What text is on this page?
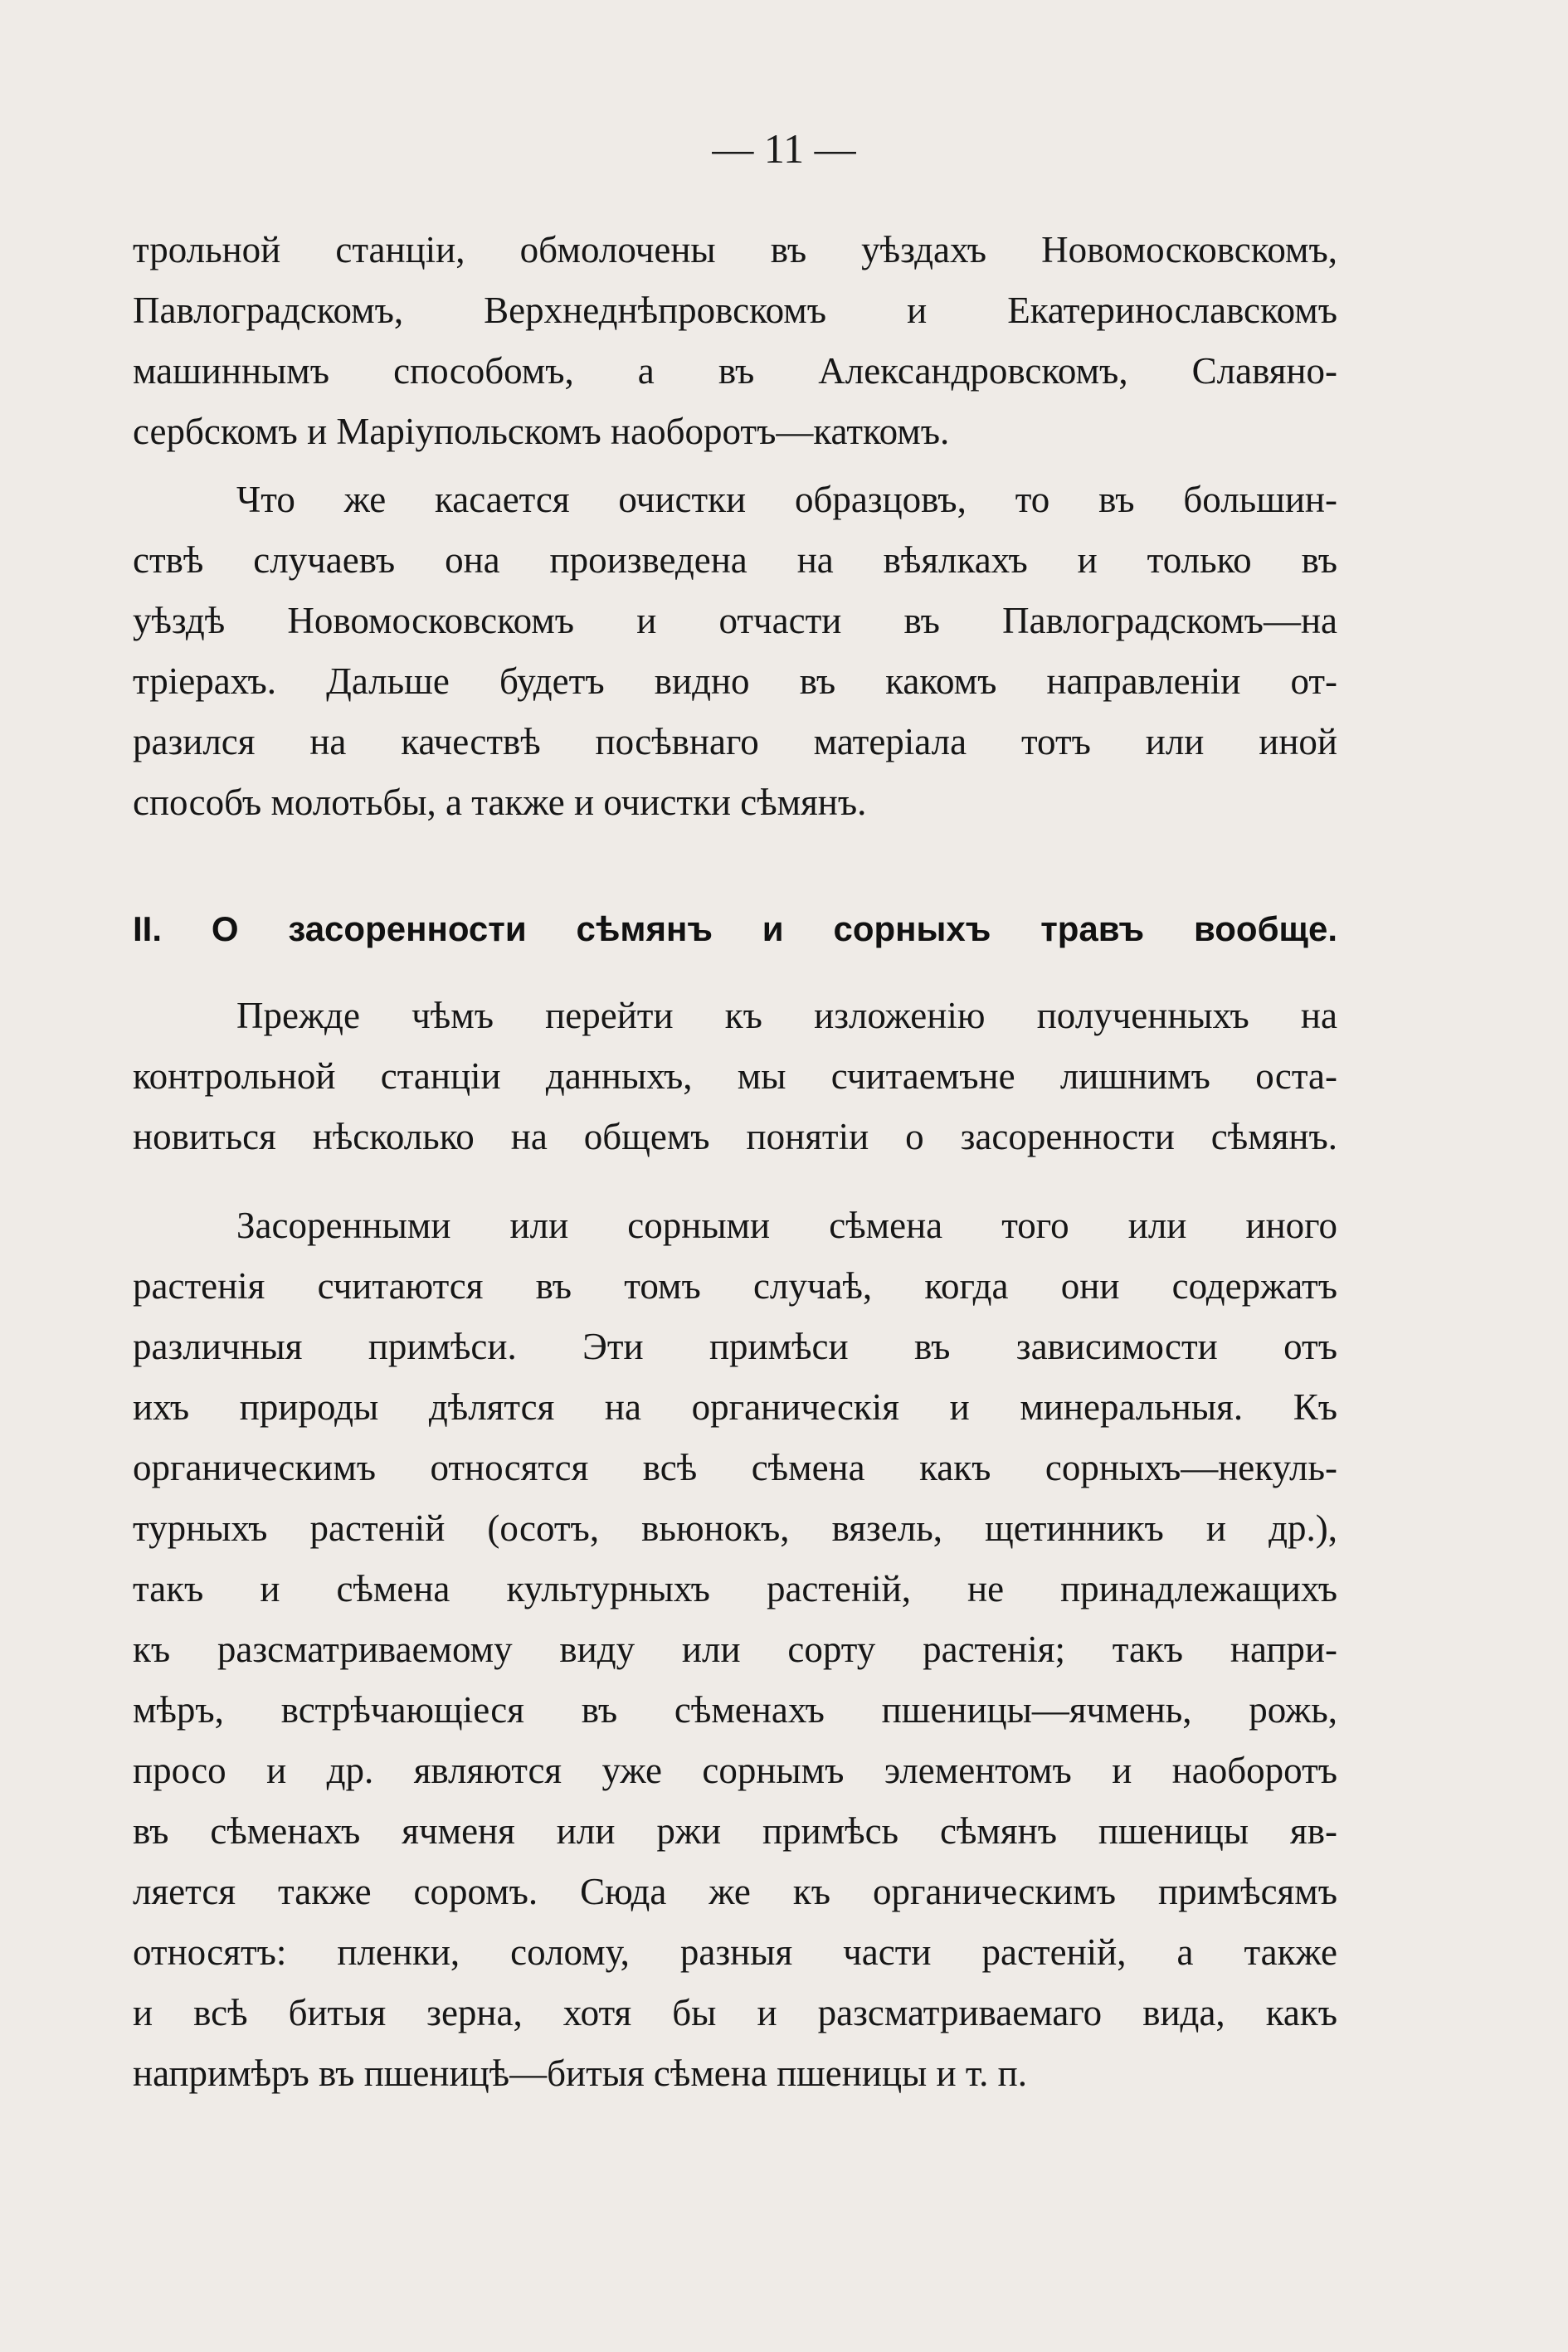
— 11 —
трольной станціи, обмолочены въ уѣздахъ Новомосковскомъ,
Павлоградскомъ, Верхнеднѣпровскомъ и Екатеринославскомъ
машиннымъ способомъ, а въ Александровскомъ, Славяно-
сербскомъ и Маріупольскомъ наоборотъ—каткомъ.
Что же касается очистки образцовъ, то въ большин-
ствѣ случаевъ она произведена на вѣялкахъ и только въ
уѣздѣ Новомосковскомъ и отчасти въ Павлоградскомъ—на
тріерахъ. Дальше будетъ видно въ какомъ направленіи от-
разился на качествѣ посѣвнаго матеріала тотъ или иной
способъ молотьбы, а также и очистки сѣмянъ.
II. О засоренности сѣмянъ и сорныхъ травъ вообще.
Прежде чѣмъ перейти къ изложенію полученныхъ на
контрольной станціи данныхъ, мы считаемъне лишнимъ оста-
новиться нѣсколько на общемъ понятіи о засоренности сѣмянъ.
Засоренными или сорными сѣмена того или иного
растенія считаются въ томъ случаѣ, когда они содержатъ
различныя примѣси. Эти примѣси въ зависимости отъ
ихъ природы дѣлятся на органическія и минеральныя. Къ
органическимъ относятся всѣ сѣмена какъ сорныхъ—некуль-
турныхъ растеній (осотъ, вьюнокъ, вязель, щетинникъ и др.),
такъ и сѣмена культурныхъ растеній, не принадлежащихъ
къ разсматриваемому виду или сорту растенія; такъ напри-
мѣръ, встрѣчающіеся въ сѣменахъ пшеницы—ячмень, рожь,
просо и др. являются уже сорнымъ элементомъ и наоборотъ
въ сѣменахъ ячменя или ржи примѣсь сѣмянъ пшеницы яв-
ляется также соромъ. Сюда же къ органическимъ примѣсямъ
относятъ: пленки, солому, разныя части растеній, а также
и всѣ битыя зерна, хотя бы и разсматриваемаго вида, какъ
напримѣръ въ пшеницѣ—битыя сѣмена пшеницы и т. п.
